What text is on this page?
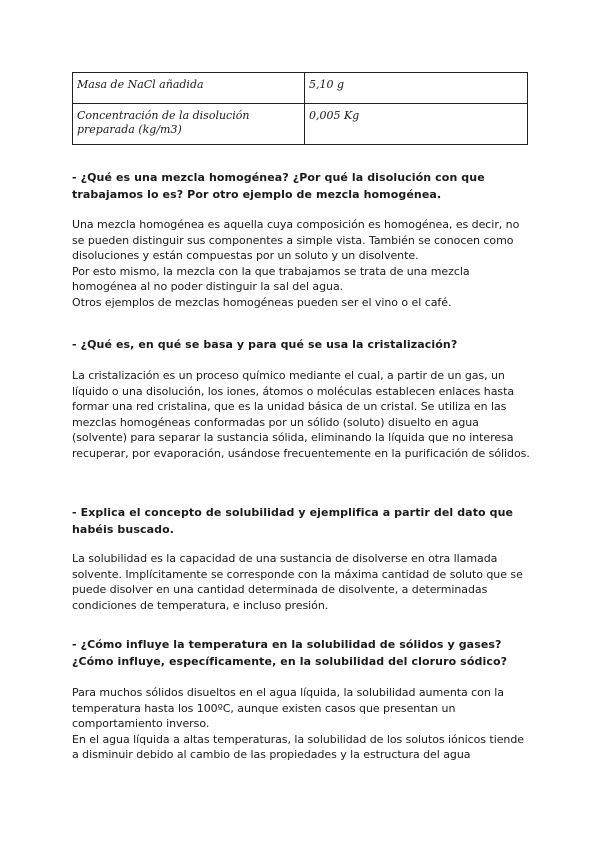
Masa de NaCl añadida	5,10 g
Concentración de la disolución preparada (kg/m3)	0,005 Kg
- ¿Qué es una mezcla homogénea? ¿Por qué la disolución con que trabajamos lo es? Por otro ejemplo de mezcla homogénea.
Una mezcla homogénea es aquella cuya composición es homogénea, es decir, no se pueden distinguir sus componentes a simple vista. También se conocen como disoluciones y están compuestas por un soluto y un disolvente.
Por esto mismo, la mezcla con la que trabajamos se trata de una mezcla homogénea al no poder distinguir la sal del agua.
Otros ejemplos de mezclas homogéneas pueden ser el vino o el café.
- ¿Qué es, en qué se basa y para qué se usa la cristalización?
La cristalización es un proceso químico mediante el cual, a partir de un gas, un líquido o una disolución, los iones, átomos o moléculas establecen enlaces hasta formar una red cristalina, que es la unidad básica de un cristal. Se utiliza en las mezclas homogéneas conformadas por un sólido (soluto) disuelto en agua (solvente) para separar la sustancia sólida, eliminando la líquida que no interesa recuperar, por evaporación, usándose frecuentemente en la purificación de sólidos.
- Explica el concepto de solubilidad y ejemplifica a partir del dato que habéis buscado.
La solubilidad es la capacidad de una sustancia de disolverse en otra llamada solvente. Implícitamente se corresponde con la máxima cantidad de soluto que se puede disolver en una cantidad determinada de disolvente, a determinadas condiciones de temperatura, e incluso presión.
- ¿Cómo influye la temperatura en la solubilidad de sólidos y gases? ¿Cómo influye, específicamente, en la solubilidad del cloruro sódico?
Para muchos sólidos disueltos en el agua líquida, la solubilidad aumenta con la temperatura hasta los 100ºC, aunque existen casos que presentan un comportamiento inverso.
En el agua líquida a altas temperaturas, la solubilidad de los solutos iónicos tiende a disminuir debido al cambio de las propiedades y la estructura del agua
